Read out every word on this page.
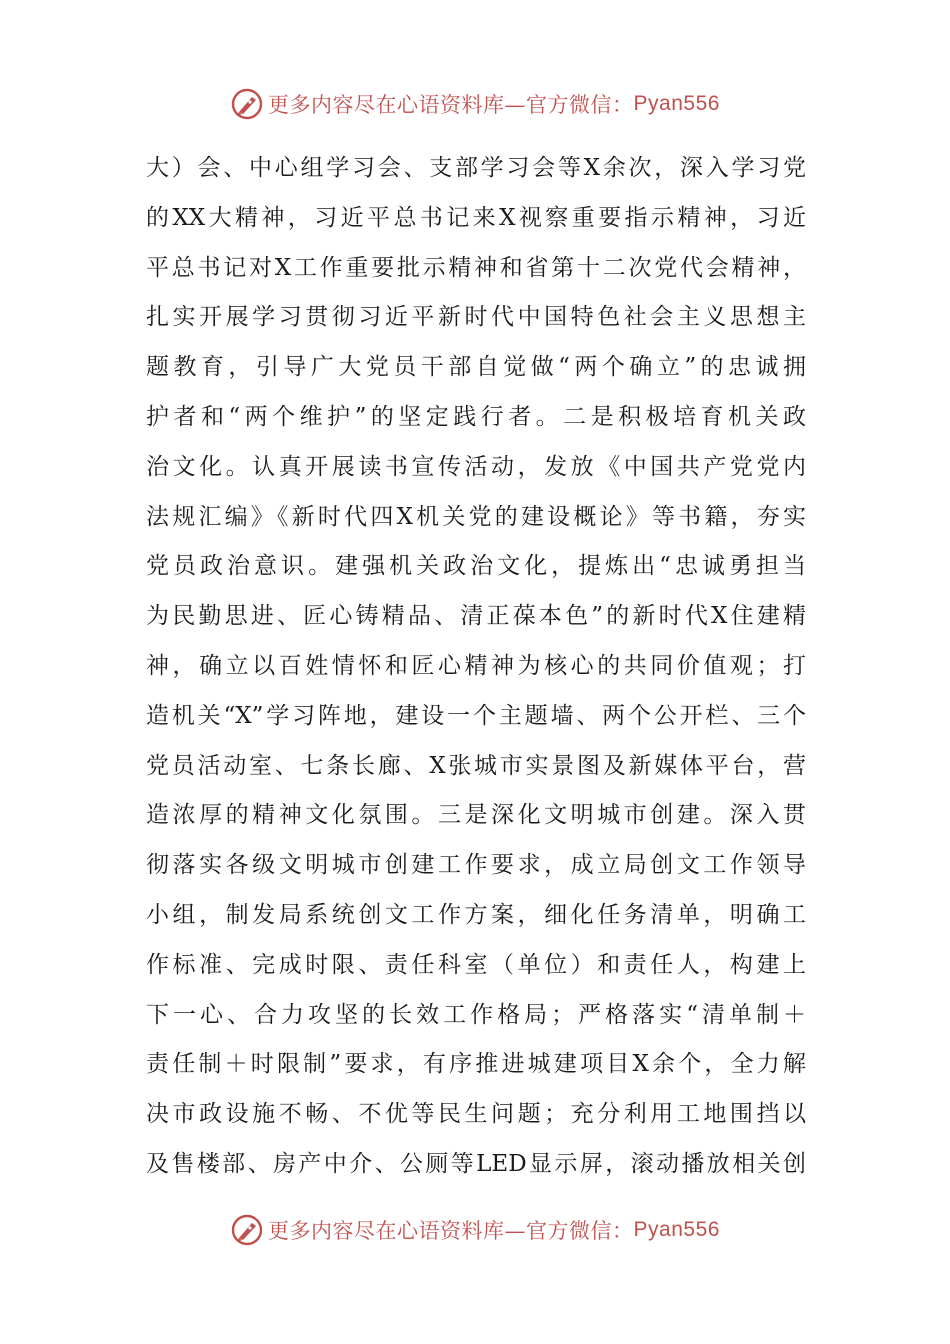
更多内容尽在心语资料库—官方微信： Pyan556
大）会、中心组学习会、支部学习会等X余次，深入学习党
的XX大精神，习近平总书记来X视察重要指示精神，习近
平总书记对X工作重要批示精神和省第十二次党代会精神，
扎实开展学习贯彻习近平新时代中国特色社会主义思想主
题教育，引导广大党员干部自觉做“两个确立”的忠诚拥
护者和“两个维护”的坚定践行者。二是积极培育机关政
治文化。认真开展读书宣传活动，发放《中国共产党党内
法规汇编》《新时代四X机关党的建设概论》等书籍，夯实
党员政治意识。建强机关政治文化，提炼出“忠诚勇担当
为民勤思进、匠心铸精品、清正葆本色”的新时代X住建精
神，确立以百姓情怀和匠心精神为核心的共同价值观；打
造机关“X”学习阵地，建设一个主题墙、两个公开栏、三个
党员活动室、七条长廊、X张城市实景图及新媒体平台，营
造浓厚的精神文化氛围。三是深化文明城市创建。深入贯
彻落实各级文明城市创建工作要求，成立局创文工作领导
小组，制发局系统创文工作方案，细化任务清单，明确工
作标准、完成时限、责任科室（单位）和责任人，构建上
下一心、合力攻坚的长效工作格局；严格落实“清单制＋
责任制＋时限制”要求，有序推进城建项目X余个，全力解
决市政设施不畅、不优等民生问题；充分利用工地围挡以
及售楼部、房产中介、公厕等LED显示屏，滚动播放相关创
更多内容尽在心语资料库—官方微信： Pyan556
